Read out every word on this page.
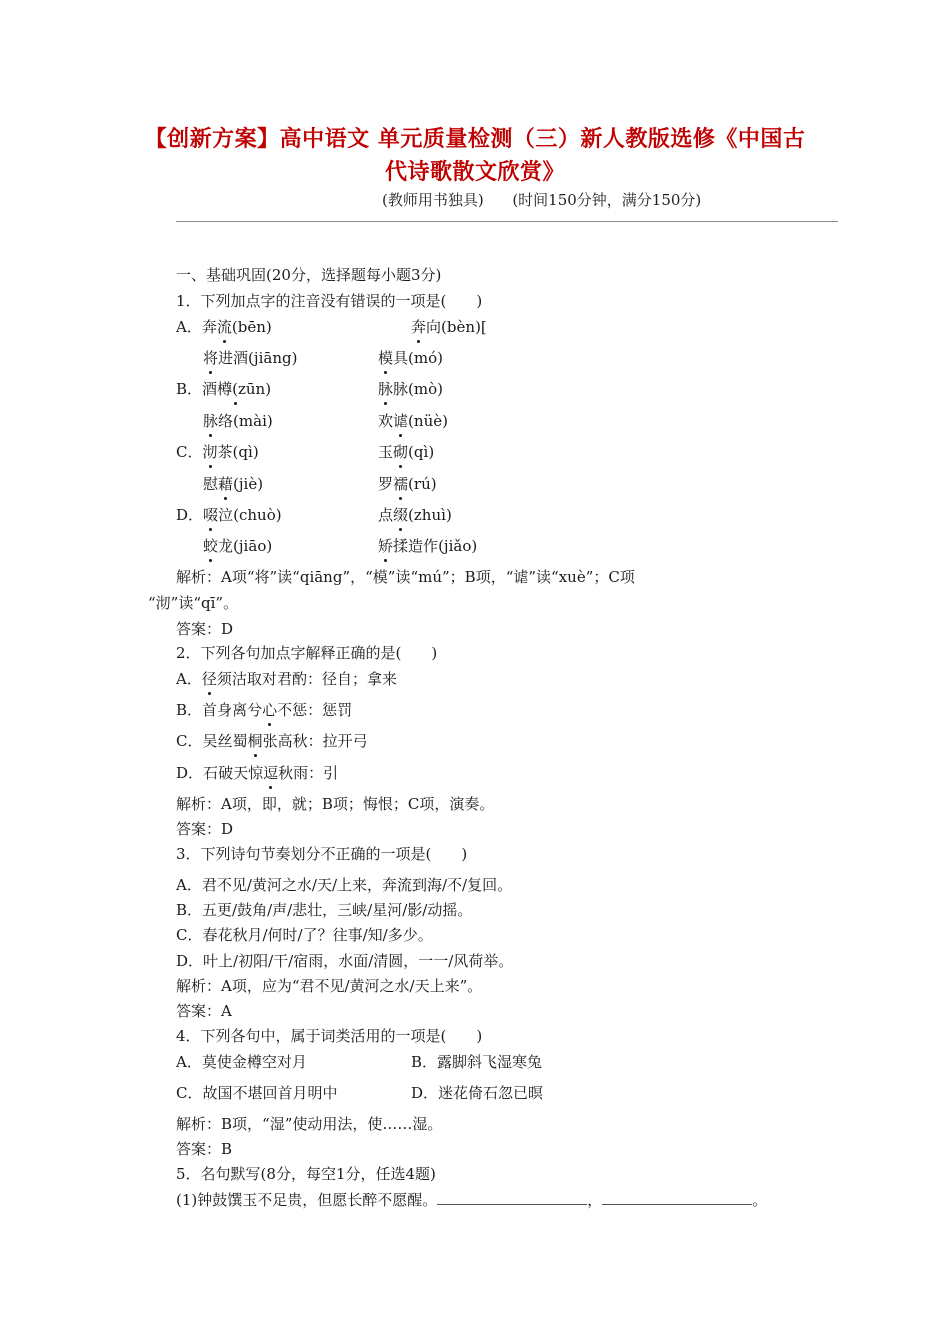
【创新方案】高中语文 单元质量检测（三）新人教版选修《中国古
代诗歌散文欣赏》
(教师用书独具)      (时间150分钟，满分150分)
一、基础巩固(20分，选择题每小题3分)
1．下列加点字的注音没有错误的一项是(　　)
A．奔流(bēn)	奔向(bèn)[
将进酒(jiāng)	模具(mó)
B．酒樽(zūn)	脉脉(mò)
脉络(mài)	欢谑(nüè)
C．沏茶(qì)	玉砌(qì)
慰藉(jiè)	罗襦(rú)
D．啜泣(chuò)	点缀(zhuì)
蛟龙(jiāo)	矫揉造作(jiǎo)
解析：A项“将”读“qiāng”，“模”读“mú”；B项，“谑”读“xuè”；C项
“沏”读“qī”。
答案：D
2．下列各句加点字解释正确的是(　　)
A．径须沽取对君酌：径自；拿来
B．首身离兮心不惩：惩罚
C．吴丝蜀桐张高秋：拉开弓
D．石破天惊逗秋雨：引
解析：A项，即，就；B项；悔恨；C项，演奏。
答案：D
3．下列诗句节奏划分不正确的一项是(　　)
A．君不见/黄河之水/天/上来，奔流到海/不/复回。
B．五更/鼓角/声/悲壮，三峡/星河/影/动摇。
C．春花秋月/何时/了？往事/知/多少。
D．叶上/初阳/干/宿雨，水面/清圆，一一/风荷举。
解析：A项，应为“君不见/黄河之水/天上来”。
答案：A
4．下列各句中，属于词类活用的一项是(　　)
A．莫使金樽空对月	B．露脚斜飞湿寒兔
C．故国不堪回首月明中	D．迷花倚石忽已暝
解析：B项，“湿”使动用法，使……湿。
答案：B
5．名句默写(8分，每空1分，任选4题)
(1)钟鼓馔玉不足贵，但愿长醉不愿醒。	，	。
